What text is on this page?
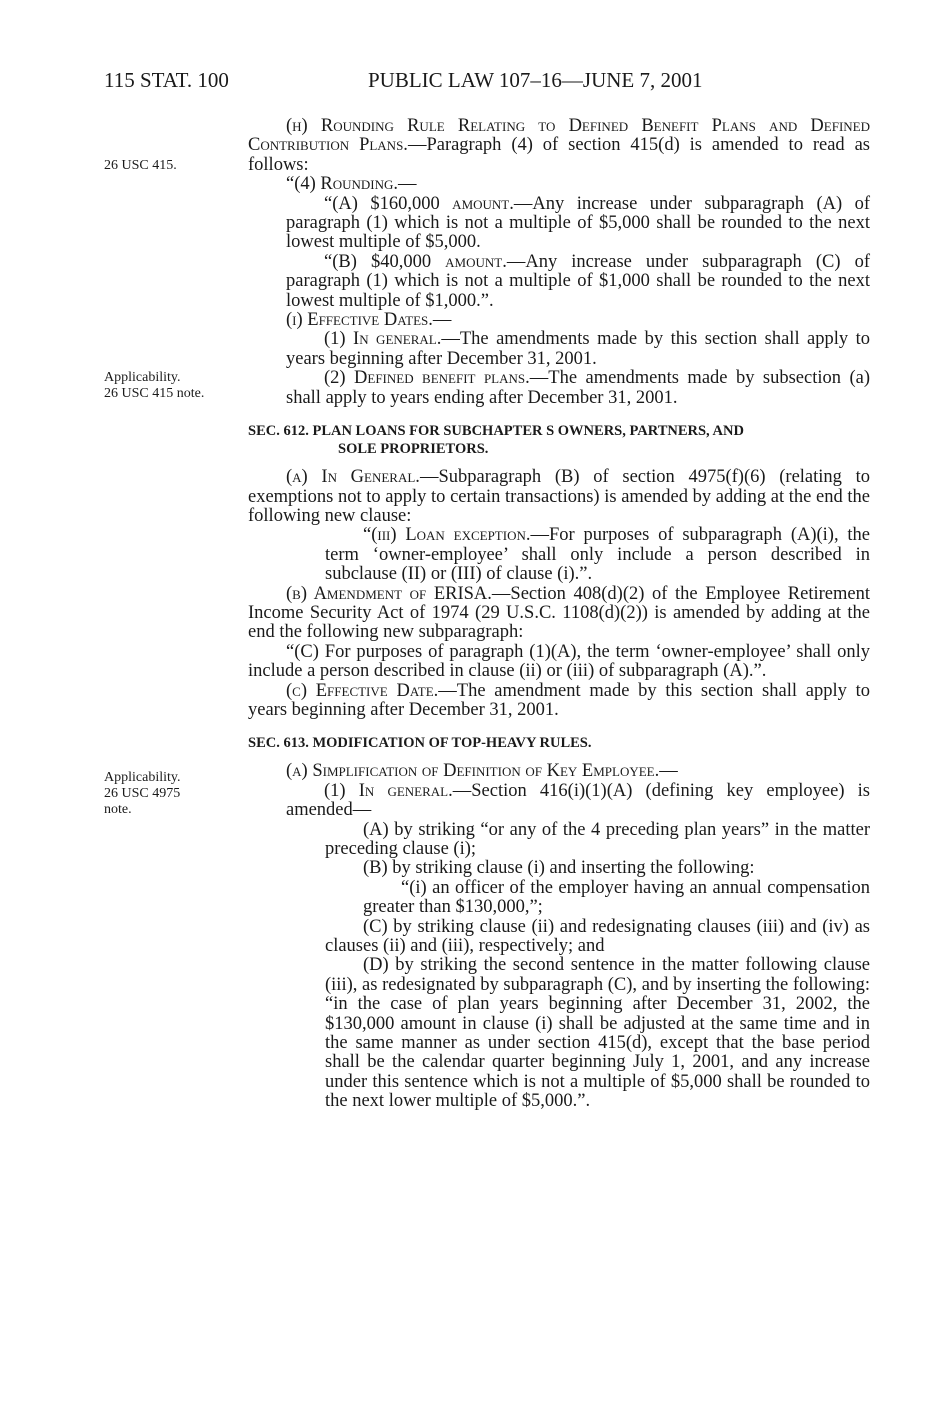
115 STAT. 100	PUBLIC LAW 107–16—JUNE 7, 2001
26 USC 415.
Applicability.
26 USC 415 note.
Applicability.
26 USC 4975
note.

(h) Rounding Rule Relating to Defined Benefit Plans and Defined Contribution Plans.—Paragraph (4) of section 415(d) is amended to read as follows:

“(4) Rounding.—

“(A) $160,000 amount.—Any increase under subparagraph (A) of paragraph (1) which is not a multiple of $5,000 shall be rounded to the next lowest multiple of $5,000.

“(B) $40,000 amount.—Any increase under subparagraph (C) of paragraph (1) which is not a multiple of $1,000 shall be rounded to the next lowest multiple of $1,000.”.

(i) Effective Dates.—

(1) In general.—The amendments made by this section shall apply to years beginning after December 31, 2001.

(2) Defined benefit plans.—The amendments made by subsection (a) shall apply to years ending after December 31, 2001.

SEC. 612. PLAN LOANS FOR SUBCHAPTER S OWNERS, PARTNERS, AND
SOLE PROPRIETORS.

(a) In General.—Subparagraph (B) of section 4975(f)(6) (relating to exemptions not to apply to certain transactions) is amended by adding at the end the following new clause:

“(iii) Loan exception.—For purposes of subparagraph (A)(i), the term ‘owner-employee’ shall only include a person described in subclause (II) or (III) of clause (i).”.

(b) Amendment of ERISA.—Section 408(d)(2) of the Employee Retirement Income Security Act of 1974 (29 U.S.C. 1108(d)(2)) is amended by adding at the end the following new subparagraph:

“(C) For purposes of paragraph (1)(A), the term ‘owner-employee’ shall only include a person described in clause (ii) or (iii) of subparagraph (A).”.

(c) Effective Date.—The amendment made by this section shall apply to years beginning after December 31, 2001.

SEC. 613. MODIFICATION OF TOP-HEAVY RULES.

(a) Simplification of Definition of Key Employee.—

(1) In general.—Section 416(i)(1)(A) (defining key employee) is amended—

(A) by striking “or any of the 4 preceding plan years” in the matter preceding clause (i);

(B) by striking clause (i) and inserting the following:

“(i) an officer of the employer having an annual compensation greater than $130,000,”;

(C) by striking clause (ii) and redesignating clauses (iii) and (iv) as clauses (ii) and (iii), respectively; and

(D) by striking the second sentence in the matter following clause (iii), as redesignated by subparagraph (C), and by inserting the following: “in the case of plan years beginning after December 31, 2002, the $130,000 amount in clause (i) shall be adjusted at the same time and in the same manner as under section 415(d), except that the base period shall be the calendar quarter beginning July 1, 2001, and any increase under this sentence which is not a multiple of $5,000 shall be rounded to the next lower multiple of $5,000.”.
